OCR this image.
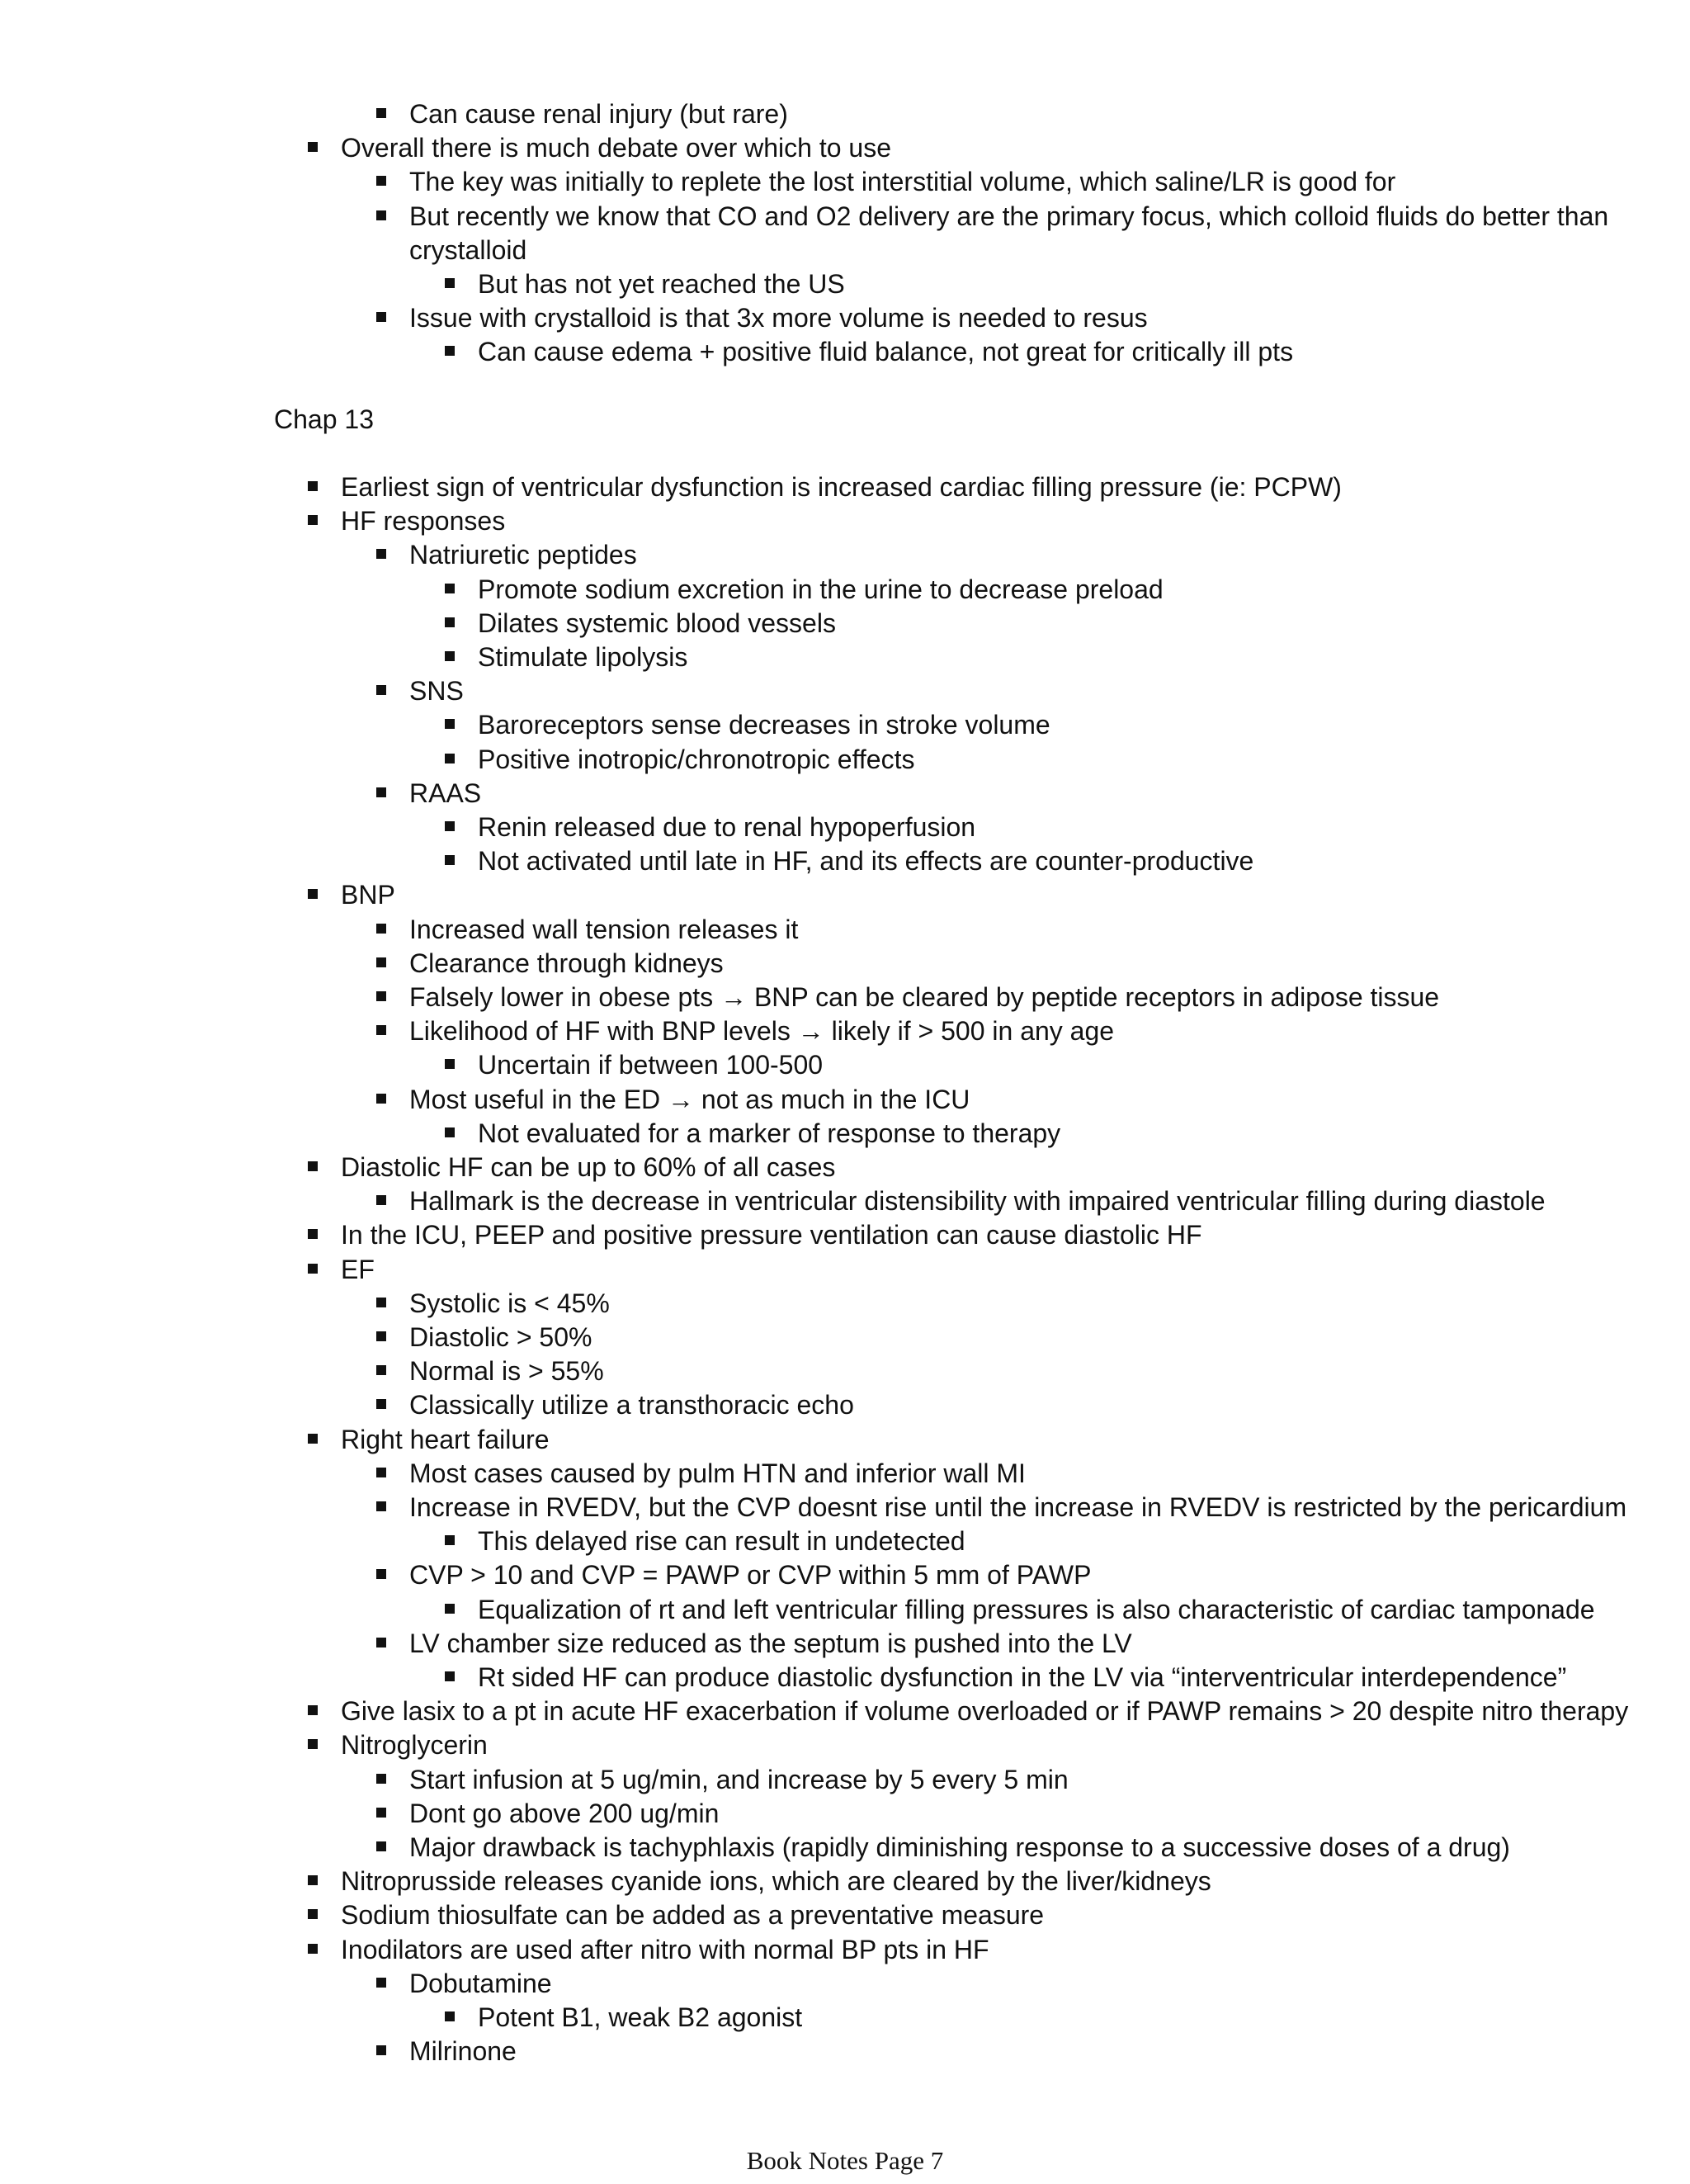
Can cause renal injury (but rare)
Overall there is much debate over which to use
The key was initially to replete the lost interstitial volume, which saline/LR is good for
But recently we know that CO and O2 delivery are the primary focus, which colloid fluids do better than
crystalloid
But has not yet reached the US
Issue with crystalloid is that 3x more volume is needed to resus
Can cause edema + positive fluid balance, not great for critically ill pts
Chap 13
Earliest sign of ventricular dysfunction is increased cardiac filling pressure (ie: PCPW)
HF responses
Natriuretic peptides
Promote sodium excretion in the urine to decrease preload
Dilates systemic blood vessels
Stimulate lipolysis
SNS
Baroreceptors sense decreases in stroke volume
Positive inotropic/chronotropic effects
RAAS
Renin released due to renal hypoperfusion
Not activated until late in HF, and its effects are counter-productive
BNP
Increased wall tension releases it
Clearance through kidneys
Falsely lower in obese pts → BNP can be cleared by peptide receptors in adipose tissue
Likelihood of HF with BNP levels → likely if > 500 in any age
Uncertain if between 100-500
Most useful in the ED → not as much in the ICU
Not evaluated for a marker of response to therapy
Diastolic HF can be up to 60% of all cases
Hallmark is the decrease in ventricular distensibility with impaired ventricular filling during diastole
In the ICU, PEEP and positive pressure ventilation can cause diastolic HF
EF
Systolic is < 45%
Diastolic > 50%
Normal is > 55%
Classically utilize a transthoracic echo
Right heart failure
Most cases caused by pulm HTN and inferior wall MI
Increase in RVEDV, but the CVP doesnt rise until the increase in RVEDV is restricted by the pericardium
This delayed rise can result in undetected
CVP > 10 and CVP = PAWP or CVP within 5 mm of PAWP
Equalization of rt and left ventricular filling pressures is also characteristic of cardiac tamponade
LV chamber size reduced as the septum is pushed into the LV
Rt sided HF can produce diastolic dysfunction in the LV via “interventricular interdependence”
Give lasix to a pt in acute HF exacerbation if volume overloaded or if PAWP remains > 20 despite nitro therapy
Nitroglycerin
Start infusion at 5 ug/min, and increase by 5 every 5 min
Dont go above 200 ug/min
Major drawback is tachyphlaxis (rapidly diminishing response to a successive doses of a drug)
Nitroprusside releases cyanide ions, which are cleared by the liver/kidneys
Sodium thiosulfate can be added as a preventative measure
Inodilators are used after nitro with normal BP pts in HF
Dobutamine
Potent B1, weak B2 agonist
Milrinone
Book Notes Page 7
